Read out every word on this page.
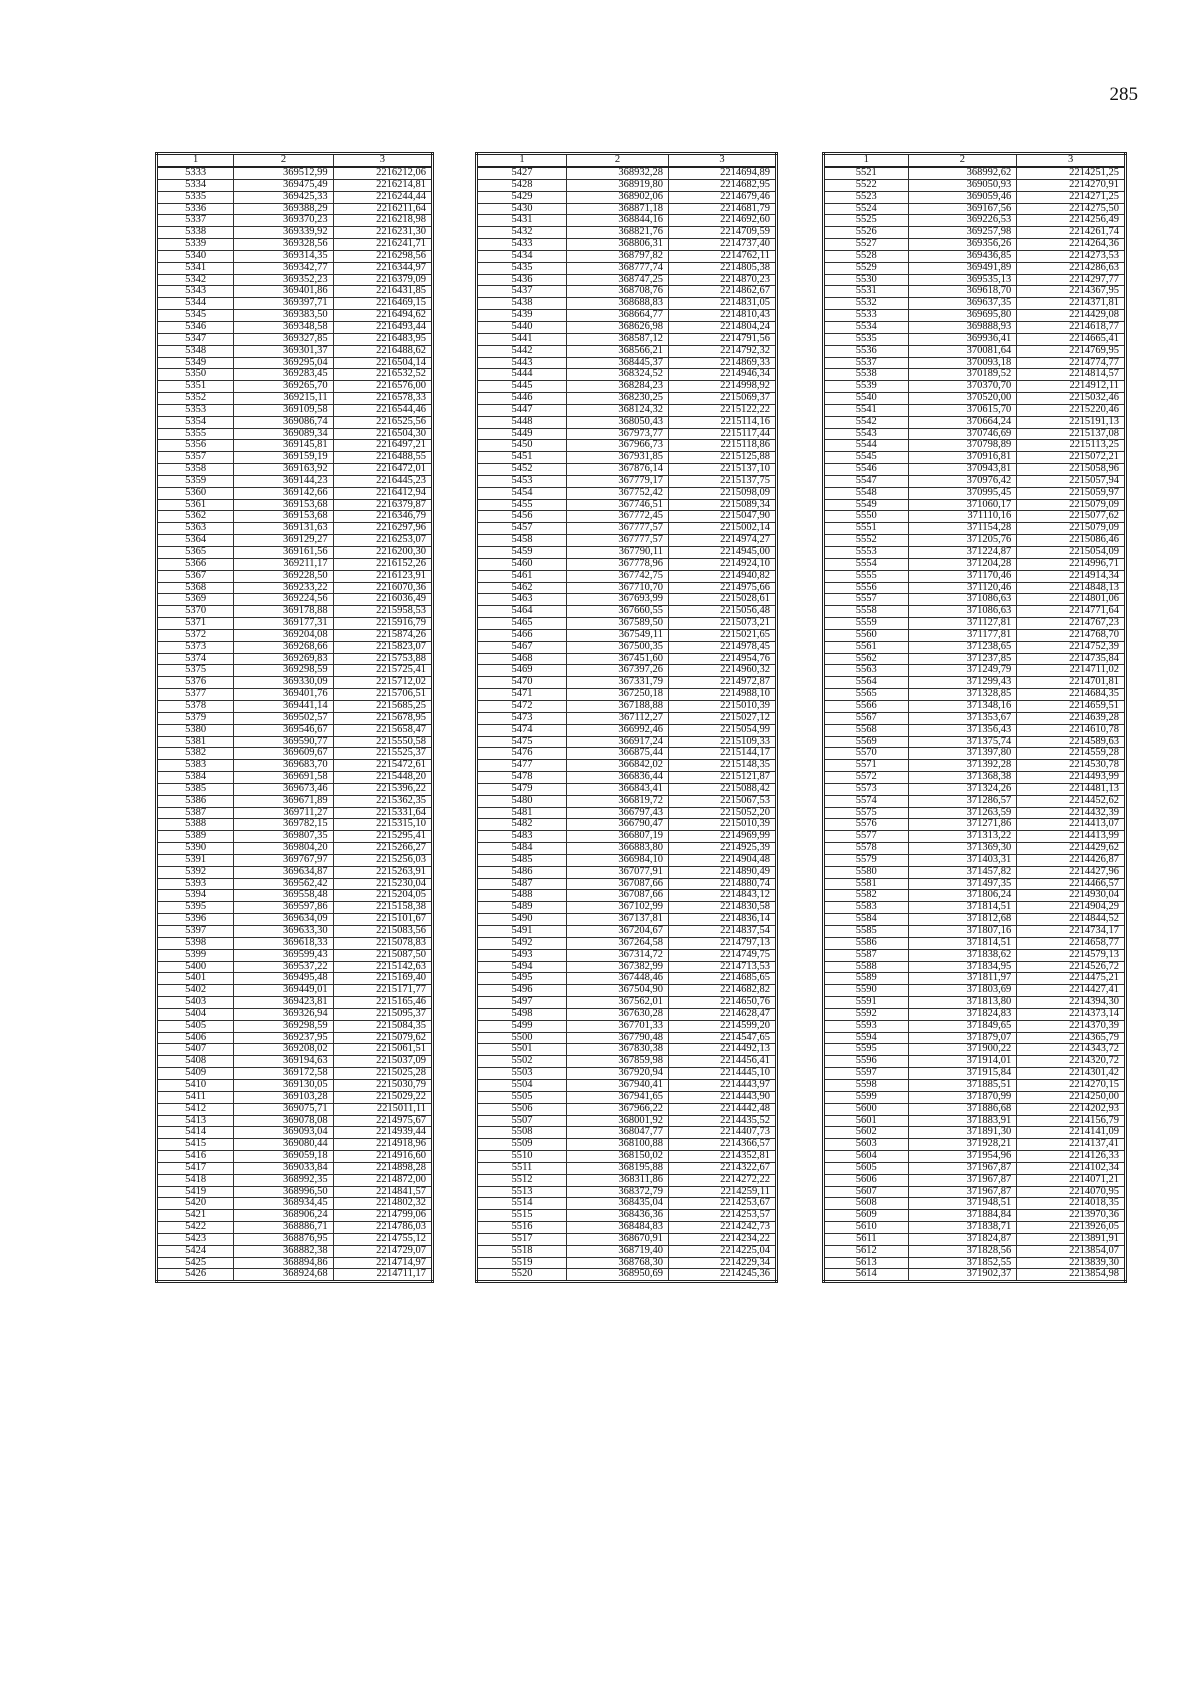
285
1	2	3
5333	369512,99	2216212,06
5334	369475,49	2216214,81
5335	369425,33	2216244,44
5336	369388,29	2216211,64
5337	369370,23	2216218,98
5338	369339,92	2216231,30
5339	369328,56	2216241,71
5340	369314,35	2216298,56
5341	369342,77	2216344,97
5342	369352,23	2216379,09
5343	369401,86	2216431,85
5344	369397,71	2216469,15
5345	369383,50	2216494,62
5346	369348,58	2216493,44
5347	369327,85	2216483,95
5348	369301,37	2216488,62
5349	369295,04	2216504,14
5350	369283,45	2216532,52
5351	369265,70	2216576,00
5352	369215,11	2216578,33
5353	369109,58	2216544,46
5354	369086,74	2216525,56
5355	369089,34	2216504,30
5356	369145,81	2216497,21
5357	369159,19	2216488,55
5358	369163,92	2216472,01
5359	369144,23	2216445,23
5360	369142,66	2216412,94
5361	369153,68	2216379,87
5362	369153,68	2216346,79
5363	369131,63	2216297,96
5364	369129,27	2216253,07
5365	369161,56	2216200,30
5366	369211,17	2216152,26
5367	369228,50	2216123,91
5368	369233,22	2216070,36
5369	369224,56	2216036,49
5370	369178,88	2215958,53
5371	369177,31	2215916,79
5372	369204,08	2215874,26
5373	369268,66	2215823,07
5374	369269,83	2215753,88
5375	369298,59	2215725,41
5376	369330,09	2215712,02
5377	369401,76	2215706,51
5378	369441,14	2215685,25
5379	369502,57	2215678,95
5380	369546,67	2215658,47
5381	369590,77	2215550,58
5382	369609,67	2215525,37
5383	369683,70	2215472,61
5384	369691,58	2215448,20
5385	369673,46	2215396,22
5386	369671,89	2215362,35
5387	369711,27	2215331,64
5388	369782,15	2215315,10
5389	369807,35	2215295,41
5390	369804,20	2215266,27
5391	369767,97	2215256,03
5392	369634,87	2215263,91
5393	369562,42	2215230,04
5394	369558,48	2215204,05
5395	369597,86	2215158,38
5396	369634,09	2215101,67
5397	369633,30	2215083,56
5398	369618,33	2215078,83
5399	369599,43	2215087,50
5400	369537,22	2215142,63
5401	369495,48	2215169,40
5402	369449,01	2215171,77
5403	369423,81	2215165,46
5404	369326,94	2215095,37
5405	369298,59	2215084,35
5406	369237,95	2215079,62
5407	369208,02	2215061,51
5408	369194,63	2215037,09
5409	369172,58	2215025,28
5410	369130,05	2215030,79
5411	369103,28	2215029,22
5412	369075,71	2215011,11
5413	369078,08	2214975,67
5414	369093,04	2214939,44
5415	369080,44	2214918,96
5416	369059,18	2214916,60
5417	369033,84	2214898,28
5418	368992,35	2214872,00
5419	368996,50	2214841,57
5420	368934,45	2214802,32
5421	368906,24	2214799,06
5422	368886,71	2214786,03
5423	368876,95	2214755,12
5424	368882,38	2214729,07
5425	368894,86	2214714,97
5426	368924,68	2214711,17
1	2	3
5427	368932,28	2214694,89
5428	368919,80	2214682,95
5429	368902,06	2214679,46
5430	368871,18	2214681,79
5431	368844,16	2214692,60
5432	368821,76	2214709,59
5433	368806,31	2214737,40
5434	368797,82	2214762,11
5435	368777,74	2214805,38
5436	368747,25	2214870,23
5437	368708,76	2214862,67
5438	368688,83	2214831,05
5439	368664,77	2214810,43
5440	368626,98	2214804,24
5441	368587,12	2214791,56
5442	368566,21	2214792,32
5443	368445,37	2214869,33
5444	368324,52	2214946,34
5445	368284,23	2214998,92
5446	368230,25	2215069,37
5447	368124,32	2215122,22
5448	368050,43	2215114,16
5449	367973,77	2215117,44
5450	367966,73	2215118,86
5451	367931,85	2215125,88
5452	367876,14	2215137,10
5453	367779,17	2215137,75
5454	367752,42	2215098,09
5455	367746,51	2215089,34
5456	367772,45	2215047,90
5457	367777,57	2215002,14
5458	367777,57	2214974,27
5459	367790,11	2214945,00
5460	367778,96	2214924,10
5461	367742,75	2214940,82
5462	367710,70	2214975,66
5463	367693,99	2215028,61
5464	367660,55	2215056,48
5465	367589,50	2215073,21
5466	367549,11	2215021,65
5467	367500,35	2214978,45
5468	367451,60	2214954,76
5469	367397,26	2214960,32
5470	367331,79	2214972,87
5471	367250,18	2214988,10
5472	367188,88	2215010,39
5473	367112,27	2215027,12
5474	366992,46	2215054,99
5475	366917,24	2215109,33
5476	366875,44	2215144,17
5477	366842,02	2215148,35
5478	366836,44	2215121,87
5479	366843,41	2215088,42
5480	366819,72	2215067,53
5481	366797,43	2215052,20
5482	366790,47	2215010,39
5483	366807,19	2214969,99
5484	366883,80	2214925,39
5485	366984,10	2214904,48
5486	367077,91	2214890,49
5487	367087,66	2214880,74
5488	367087,66	2214843,12
5489	367102,99	2214830,58
5490	367137,81	2214836,14
5491	367204,67	2214837,54
5492	367264,58	2214797,13
5493	367314,72	2214749,75
5494	367382,99	2214713,53
5495	367448,46	2214685,65
5496	367504,90	2214682,82
5497	367562,01	2214650,76
5498	367630,28	2214628,47
5499	367701,33	2214599,20
5500	367790,48	2214547,65
5501	367830,38	2214492,13
5502	367859,98	2214456,41
5503	367920,94	2214445,10
5504	367940,41	2214443,97
5505	367941,65	2214443,90
5506	367966,22	2214442,48
5507	368001,92	2214435,52
5508	368047,77	2214407,73
5509	368100,88	2214366,57
5510	368150,02	2214352,81
5511	368195,88	2214322,67
5512	368311,86	2214272,22
5513	368372,79	2214259,11
5514	368435,04	2214253,67
5515	368436,36	2214253,57
5516	368484,83	2214242,73
5517	368670,91	2214234,22
5518	368719,40	2214225,04
5519	368768,30	2214229,34
5520	368950,69	2214245,36
1	2	3
5521	368992,62	2214251,25
5522	369050,93	2214270,91
5523	369059,46	2214271,25
5524	369167,56	2214275,50
5525	369226,53	2214256,49
5526	369257,98	2214261,74
5527	369356,26	2214264,36
5528	369436,85	2214273,53
5529	369491,89	2214286,63
5530	369535,13	2214297,77
5531	369618,70	2214367,95
5532	369637,35	2214371,81
5533	369695,80	2214429,08
5534	369888,93	2214618,77
5535	369936,41	2214665,41
5536	370081,64	2214769,95
5537	370093,18	2214774,77
5538	370189,52	2214814,57
5539	370370,70	2214912,11
5540	370520,00	2215032,46
5541	370615,70	2215220,46
5542	370664,24	2215191,13
5543	370746,69	2215137,08
5544	370798,89	2215113,25
5545	370916,81	2215072,21
5546	370943,81	2215058,96
5547	370976,42	2215057,94
5548	370995,45	2215059,97
5549	371060,17	2215079,09
5550	371110,16	2215077,62
5551	371154,28	2215079,09
5552	371205,76	2215086,46
5553	371224,87	2215054,09
5554	371204,28	2214996,71
5555	371170,46	2214914,34
5556	371120,46	2214848,13
5557	371086,63	2214801,06
5558	371086,63	2214771,64
5559	371127,81	2214767,23
5560	371177,81	2214768,70
5561	371238,65	2214752,39
5562	371237,85	2214735,84
5563	371249,79	2214711,02
5564	371299,43	2214701,81
5565	371328,85	2214684,35
5566	371348,16	2214659,51
5567	371353,67	2214639,28
5568	371356,43	2214610,78
5569	371375,74	2214589,63
5570	371397,80	2214559,28
5571	371392,28	2214530,78
5572	371368,38	2214493,99
5573	371324,26	2214481,13
5574	371286,57	2214452,62
5575	371263,59	2214432,39
5576	371271,86	2214413,07
5577	371313,22	2214413,99
5578	371369,30	2214429,62
5579	371403,31	2214426,87
5580	371457,82	2214427,96
5581	371497,35	2214466,57
5582	371806,24	2214930,04
5583	371814,51	2214904,29
5584	371812,68	2214844,52
5585	371807,16	2214734,17
5586	371814,51	2214658,77
5587	371838,62	2214579,13
5588	371834,95	2214526,72
5589	371811,97	2214475,21
5590	371803,69	2214427,41
5591	371813,80	2214394,30
5592	371824,83	2214373,14
5593	371849,65	2214370,39
5594	371879,07	2214365,79
5595	371900,22	2214343,72
5596	371914,01	2214320,72
5597	371915,84	2214301,42
5598	371885,51	2214270,15
5599	371870,99	2214250,00
5600	371886,68	2214202,93
5601	371883,91	2214156,79
5602	371891,30	2214141,09
5603	371928,21	2214137,41
5604	371954,96	2214126,33
5605	371967,87	2214102,34
5606	371967,87	2214071,21
5607	371967,87	2214070,95
5608	371948,51	2214018,35
5609	371884,84	2213970,36
5610	371838,71	2213926,05
5611	371824,87	2213891,91
5612	371828,56	2213854,07
5613	371852,55	2213839,30
5614	371902,37	2213854,98
